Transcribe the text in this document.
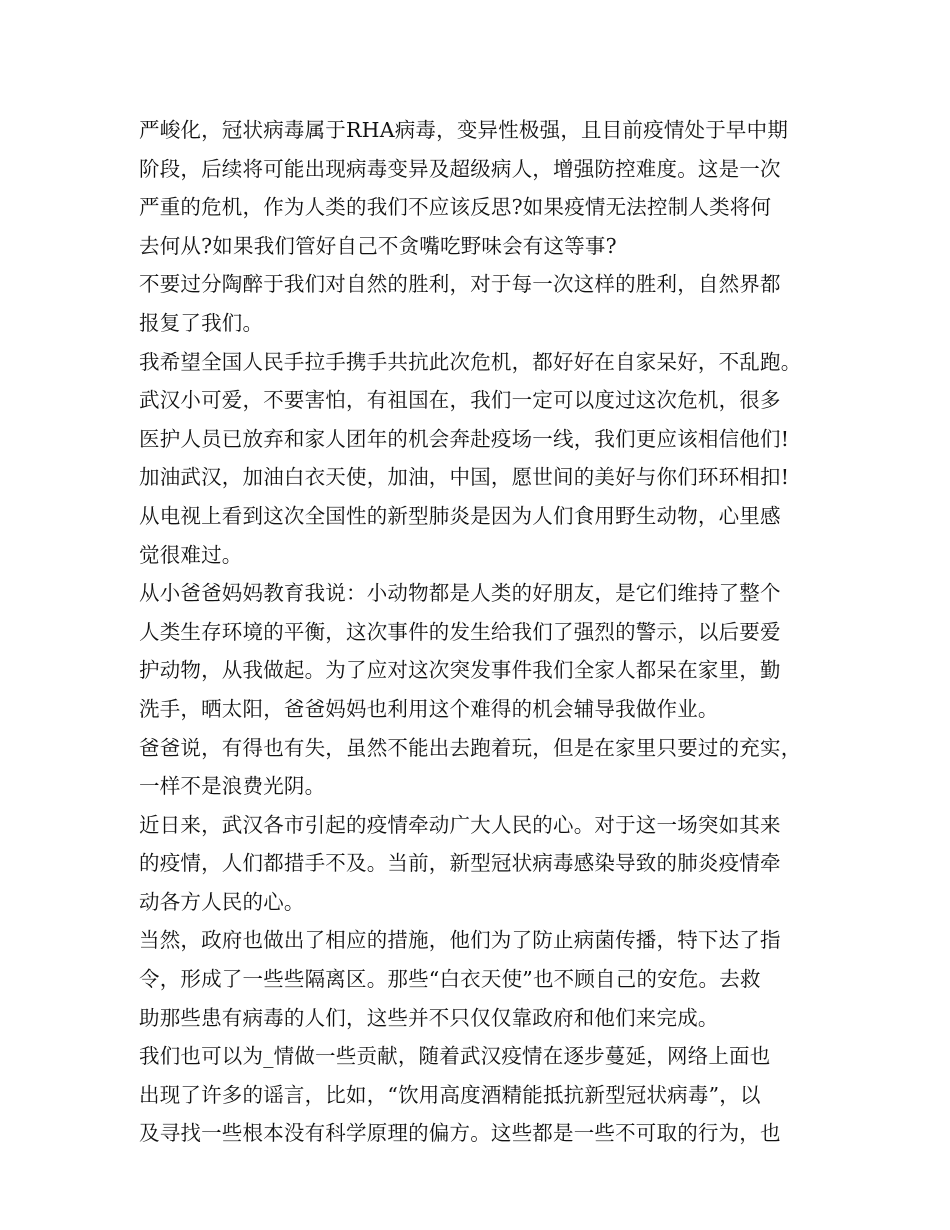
严峻化，冠状病毒属于RHA病毒，变异性极强，且目前疫情处于早中期
阶段，后续将可能出现病毒变异及超级病人，增强防控难度。这是一次
严重的危机，作为人类的我们不应该反思?如果疫情无法控制人类将何
去何从?如果我们管好自己不贪嘴吃野味会有这等事?
不要过分陶醉于我们对自然的胜利，对于每一次这样的胜利，自然界都
报复了我们。
我希望全国人民手拉手携手共抗此次危机，都好好在自家呆好，不乱跑。
武汉小可爱，不要害怕，有祖国在，我们一定可以度过这次危机，很多
医护人员已放弃和家人团年的机会奔赴疫场一线，我们更应该相信他们!
加油武汉，加油白衣天使，加油，中国，愿世间的美好与你们环环相扣!
从电视上看到这次全国性的新型肺炎是因为人们食用野生动物，心里感
觉很难过。
从小爸爸妈妈教育我说：小动物都是人类的好朋友，是它们维持了整个
人类生存环境的平衡，这次事件的发生给我们了强烈的警示，以后要爱
护动物，从我做起。为了应对这次突发事件我们全家人都呆在家里，勤
洗手，晒太阳，爸爸妈妈也利用这个难得的机会辅导我做作业。
爸爸说，有得也有失，虽然不能出去跑着玩，但是在家里只要过的充实，
一样不是浪费光阴。
近日来，武汉各市引起的疫情牵动广大人民的心。对于这一场突如其来
的疫情，人们都措手不及。当前，新型冠状病毒感染导致的肺炎疫情牵
动各方人民的心。
当然，政府也做出了相应的措施，他们为了防止病菌传播，特下达了指
令，形成了一些些隔离区。那些“白衣天使”也不顾自己的安危。去救
助那些患有病毒的人们，这些并不只仅仅靠政府和他们来完成。
我们也可以为_情做一些贡献，随着武汉疫情在逐步蔓延，网络上面也
出现了许多的谣言，比如，“饮用高度酒精能抵抗新型冠状病毒”，以
及寻找一些根本没有科学原理的偏方。这些都是一些不可取的行为，也
